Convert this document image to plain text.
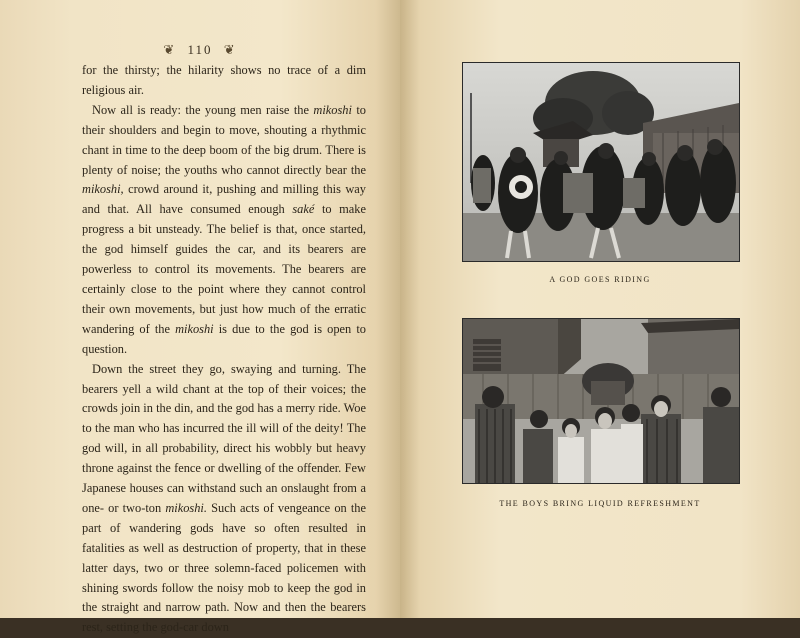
❦ 110 ❦

for the thirsty; the hilarity shows no trace of a dim religious air.

Now all is ready: the young men raise the mikoshi to their shoulders and begin to move, shouting a rhythmic chant in time to the deep boom of the big drum. There is plenty of noise; the youths who cannot directly bear the mikoshi, crowd around it, pushing and milling this way and that. All have consumed enough saké to make progress a bit unsteady. The belief is that, once started, the god himself guides the car, and its bearers are powerless to control its movements. The bearers are certainly close to the point where they cannot control their own movements, but just how much of the erratic wandering of the mikoshi is due to the god is open to question.

Down the street they go, swaying and turning. The bearers yell a wild chant at the top of their voices; the crowds join in the din, and the god has a merry ride. Woe to the man who has incurred the ill will of the deity! The god will, in all probability, direct his wobbly but heavy throne against the fence or dwelling of the offender. Few Japanese houses can withstand such an onslaught from a one- or two-ton mikoshi. Such acts of vengeance on the part of wandering gods have so often resulted in fatalities as well as destruction of property, that in these latter days, two or three solemn-faced policemen with shining swords follow the noisy mob to keep the god in the straight and narrow path. Now and then the bearers rest, setting the god-car down

A GOD GOES RIDING
THE BOYS BRING LIQUID REFRESHMENT
